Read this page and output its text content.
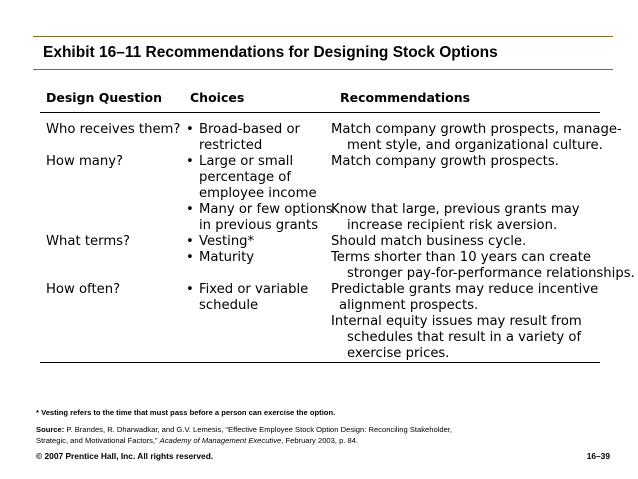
Exhibit 16–11 Recommendations for Designing Stock Options
Design Question Choices	Recommendations
Who receives them?
How many?
What terms?
How often?
• Broad-based or
restricted
• Large or small
percentage of
employee income
• Many or few options
in previous grants
• Vesting*
• Maturity
• Fixed or variable
schedule
Match company growth prospects, manage-
ment style, and organizational culture.
Match company growth prospects.
Know that large, previous grants may
increase recipient risk aversion.
Should match business cycle.
Terms shorter than 10 years can create
stronger pay-for-performance relationships.
Predictable grants may reduce incentive
alignment prospects.
Internal equity issues may result from
schedules that result in a variety of
exercise prices.
* Vesting refers to the time that must pass before a person can exercise the option.
Source: P. Brandes, R. Dharwadkar, and G.V. Lemesis, “Effective Employee Stock Option Design: Reconciling Stakeholder, Strategic, and Motivational Factors,” Academy of Management Executive, February 2003, p. 84.
© 2007 Prentice Hall, Inc. All rights reserved.	16–39
